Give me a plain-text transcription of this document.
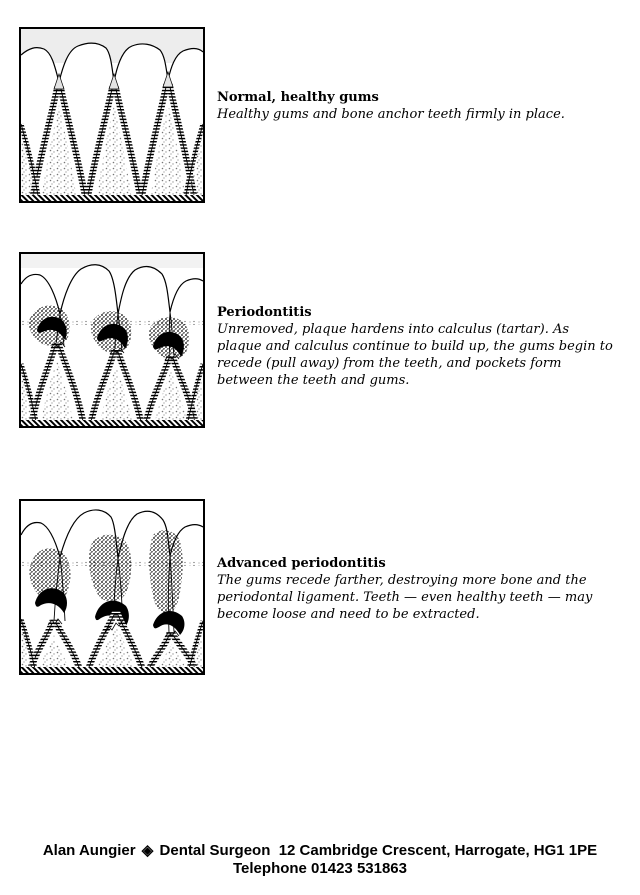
Normal, healthy gums
Healthy gums and bone anchor teeth firmly in place.
Periodontitis
Unremoved, plaque hardens into calculus (tartar). As plaque and calculus continue to build up, the gums begin to recede (pull away) from the teeth, and pockets form between the teeth and gums.
Advanced periodontitis
The gums recede farther, destroying more bone and the periodontal ligament. Teeth — even healthy teeth — may become loose and need to be extracted.
Alan Aungier ◈ Dental Surgeon  12 Cambridge Crescent, Harrogate, HG1 1PE
Telephone 01423 531863
